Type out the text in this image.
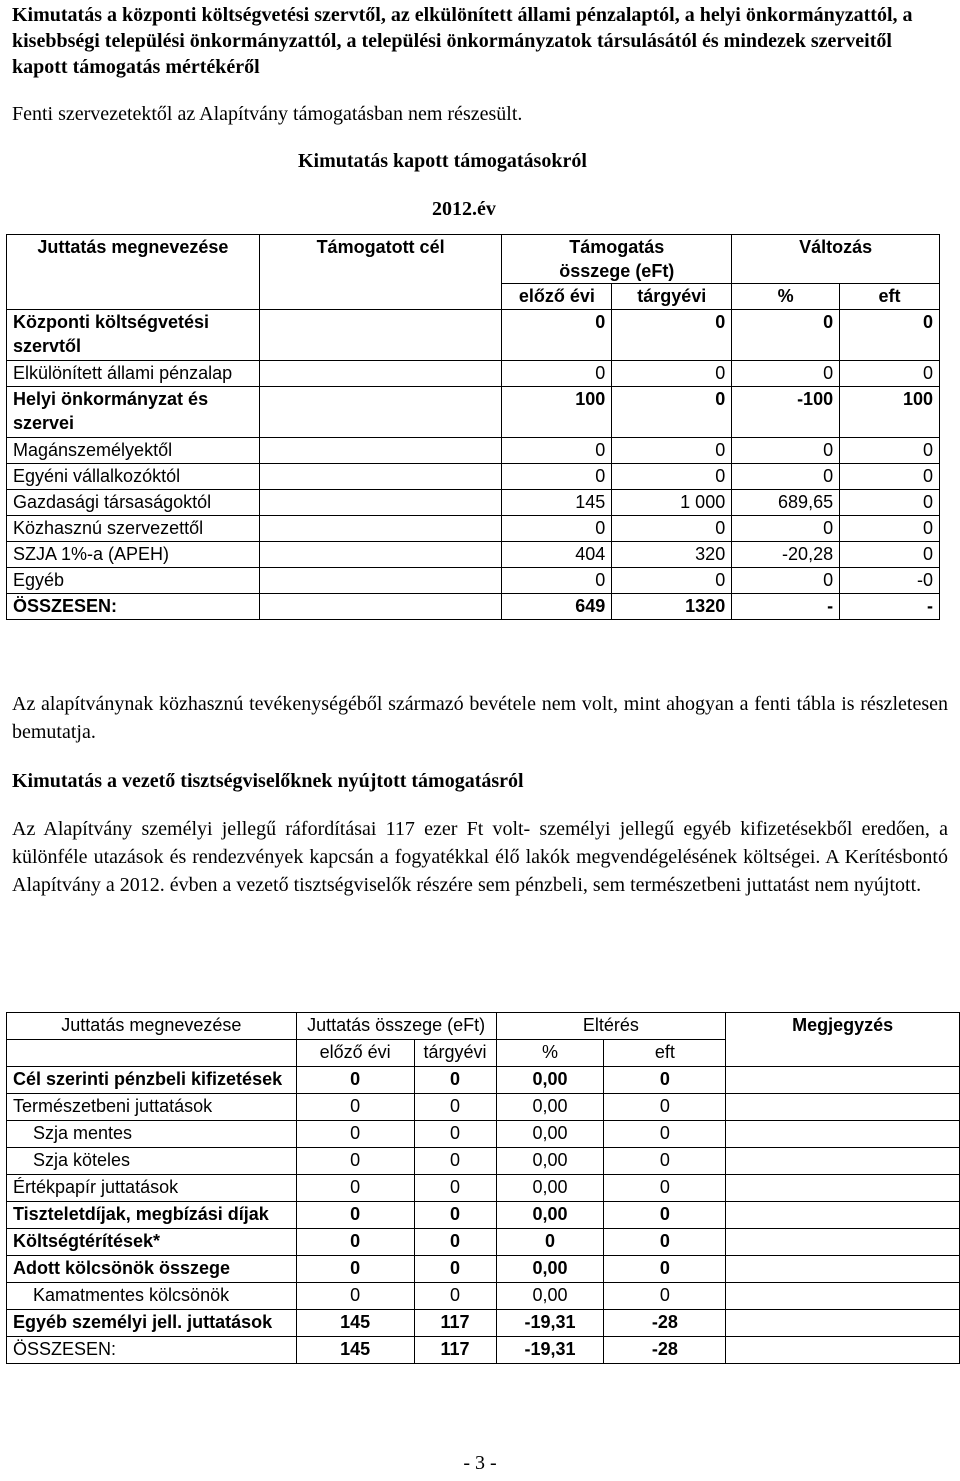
Kimutatás a központi költségvetési szervtől, az elkülönített állami pénzalaptól, a helyi önkormányzattól, a kisebbségi települési önkormányzattól, a települési önkormányzatok társulásától és mindezek szerveitől kapott támogatás mértékéről
Fenti szervezetektől az Alapítvány támogatásban nem részesült.
Kimutatás kapott támogatásokról
2012.év
Juttatás megnevezése	Támogatott cél	Támogatás összege (eFt)		Változás	
		előző évi	tárgyévi	%	eft

Központi költségvetési
szervtől		0	0	0	0
Elkülönített állami pénzalap		0	0	0	0

Helyi önkormányzat és
szervei		100	0	-100	100
Magánszemélyektől		0	0	0	0
Egyéni vállalkozóktól		0	0	0	0
Gazdasági társaságoktól		145	1 000	689,65	0
Közhasznú szervezettől		0	0	0	0
SZJA 1%-a (APEH)		404	320	-20,28	0
Egyéb		0	0	0	-0
ÖSSZESEN:		649	1320	-	-
Az alapítványnak közhasznú tevékenységéből származó bevétele nem volt, mint ahogyan a fenti tábla is részletesen bemutatja.
Kimutatás a vezető tisztségviselőknek nyújtott támogatásról
Az Alapítvány személyi jellegű ráfordításai 117 ezer Ft volt- személyi jellegű egyéb kifizetésekből eredően, a különféle utazások és rendezvények kapcsán a fogyatékkal élő lakók megvendégelésének költségei. A Kerítésbontó Alapítvány a 2012. évben a vezető tisztségviselők részére sem pénzbeli, sem természetbeni juttatást nem nyújtott.
Juttatás megnevezése	Juttatás összege (eFt)		Eltérés		Megjegyzés
	előző évi	tárgyévi	%	eft	
Cél szerinti pénzbeli kifizetések	0	0	0,00	0	
Természetbeni juttatások	0	0	0,00	0	
Szja mentes	0	0	0,00	0	
Szja köteles	0	0	0,00	0	
Értékpapír juttatások	0	0	0,00	0	
Tiszteletdíjak, megbízási díjak	0	0	0,00	0	
Költségtérítések*	0	0	0	0	
Adott kölcsönök összege	0	0	0,00	0	
Kamatmentes kölcsönök	0	0	0,00	0	
Egyéb személyi jell. juttatások	145	117	-19,31	-28	
ÖSSZESEN:	145	117	-19,31	-28	
- 3 -
